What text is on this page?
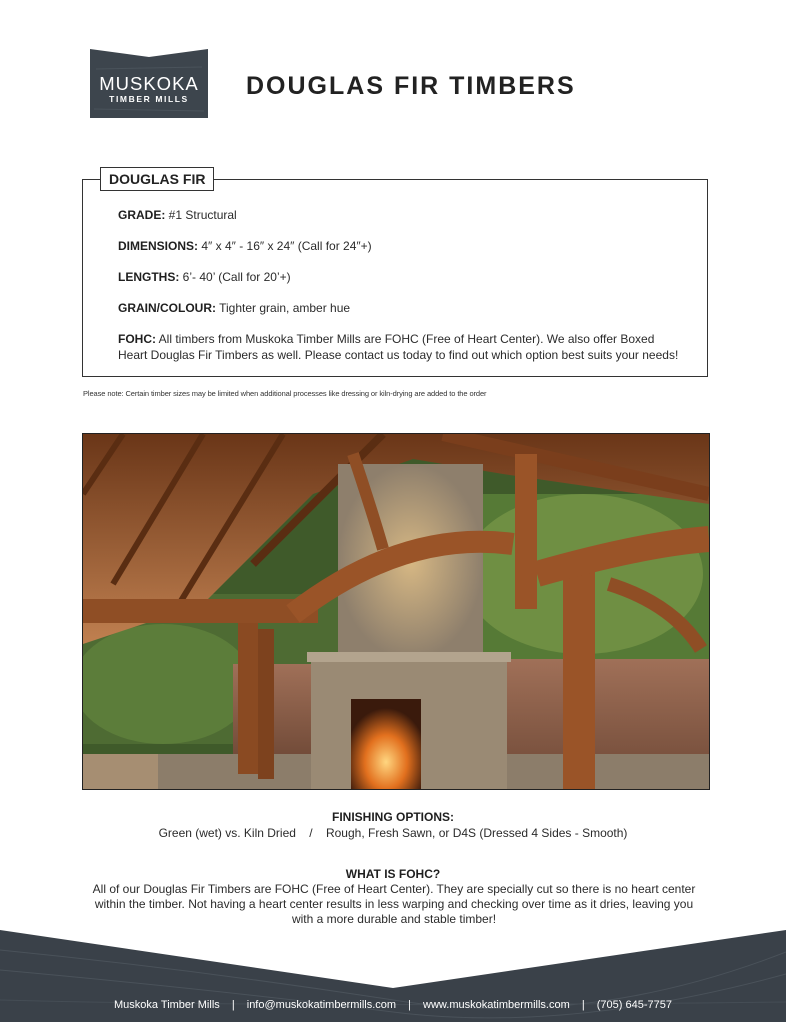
MUSKOKA
TIMBER MILLS	DOUGLAS FIR TIMBERS
DOUGLAS FIR
GRADE: #1 Structural
DIMENSIONS: 4″ x 4″ - 16″ x 24″ (Call for 24″+)
LENGTHS: 6’- 40’ (Call for 20’+)
GRAIN/COLOUR: Tighter grain, amber hue
FOHC: All timbers from Muskoka Timber Mills are FOHC (Free of Heart Center). We also offer Boxed Heart Douglas Fir Timbers as well. Please contact us today to find out which option best suits your needs!
Please note: Certain timber sizes may be limited when additional processes like dressing or kiln-drying are added to the order
FINISHING OPTIONS:
Green (wet) vs. Kiln Dried / Rough, Fresh Sawn, or D4S (Dressed 4 Sides - Smooth)
WHAT IS FOHC?
All of our Douglas Fir Timbers are FOHC (Free of Heart Center). They are specially cut so there is no heart center within the timber. Not having a heart center results in less warping and checking over time as it dries, leaving you with a more durable and stable timber!
Muskoka Timber Mills | info@muskokatimbermills.com | www.muskokatimbermills.com | (705) 645-7757
